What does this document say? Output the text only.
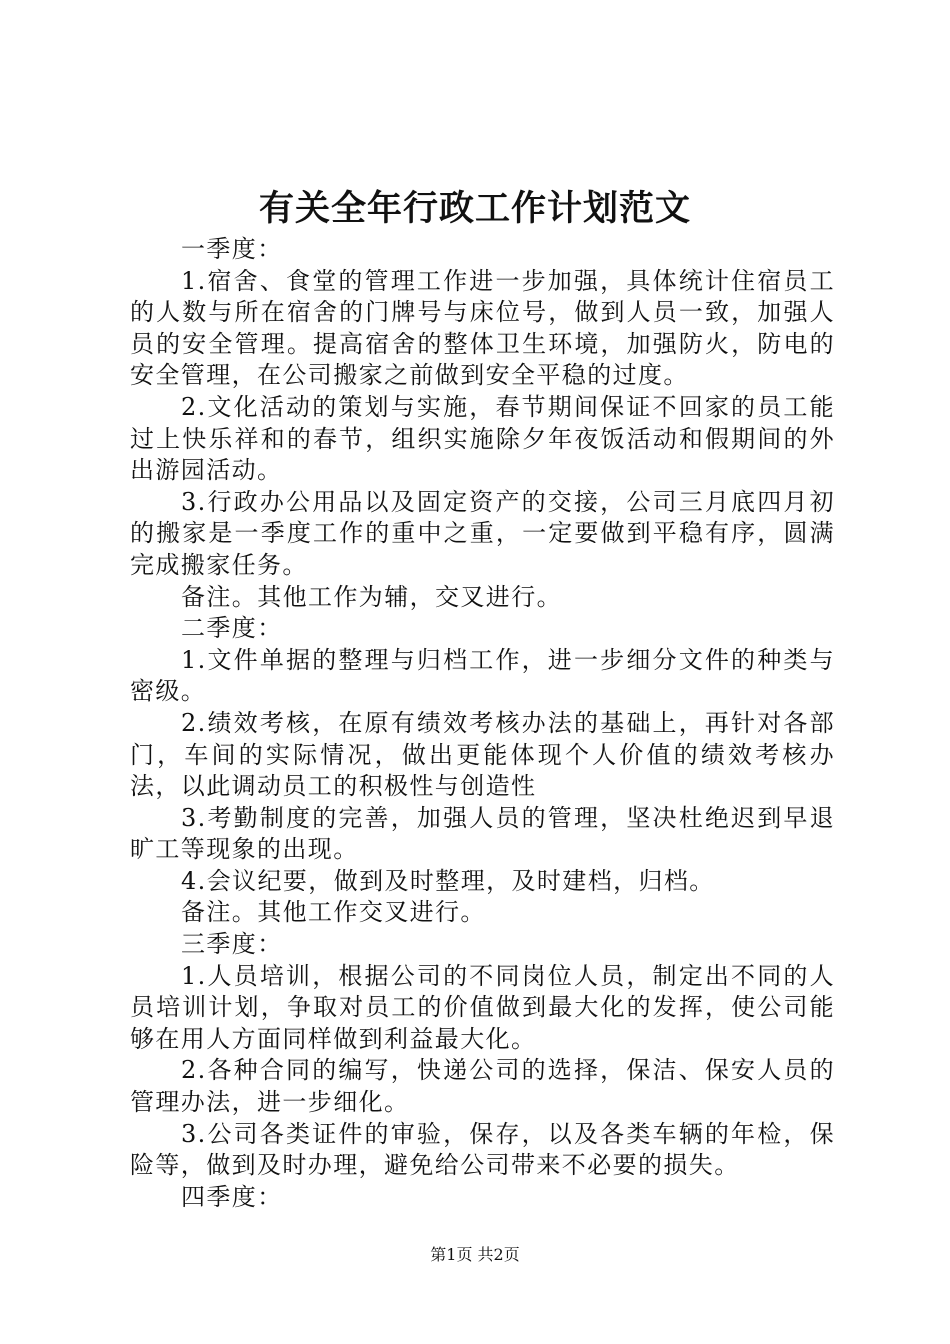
有关全年行政工作计划范文

一季度：

1.宿舍、食堂的管理工作进一步加强，具体统计住宿员工的人数与所在宿舍的门牌号与床位号，做到人员一致，加强人员的安全管理。提高宿舍的整体卫生环境，加强防火，防电的安全管理，在公司搬家之前做到安全平稳的过度。

2.文化活动的策划与实施，春节期间保证不回家的员工能过上快乐祥和的春节，组织实施除夕年夜饭活动和假期间的外出游园活动。

3.行政办公用品以及固定资产的交接，公司三月底四月初的搬家是一季度工作的重中之重，一定要做到平稳有序，圆满完成搬家任务。

备注。其他工作为辅，交叉进行。

二季度：

1.文件单据的整理与归档工作，进一步细分文件的种类与密级。

2.绩效考核，在原有绩效考核办法的基础上，再针对各部门，车间的实际情况，做出更能体现个人价值的绩效考核办法，以此调动员工的积极性与创造性

3.考勤制度的完善，加强人员的管理，坚决杜绝迟到早退旷工等现象的出现。

4.会议纪要，做到及时整理，及时建档，归档。

备注。其他工作交叉进行。

三季度：

1.人员培训，根据公司的不同岗位人员，制定出不同的人员培训计划，争取对员工的价值做到最大化的发挥，使公司能够在用人方面同样做到利益最大化。

2.各种合同的编写，快递公司的选择，保洁、保安人员的管理办法，进一步细化。

3.公司各类证件的审验，保存，以及各类车辆的年检，保险等，做到及时办理，避免给公司带来不必要的损失。

四季度：

第1页 共2页
